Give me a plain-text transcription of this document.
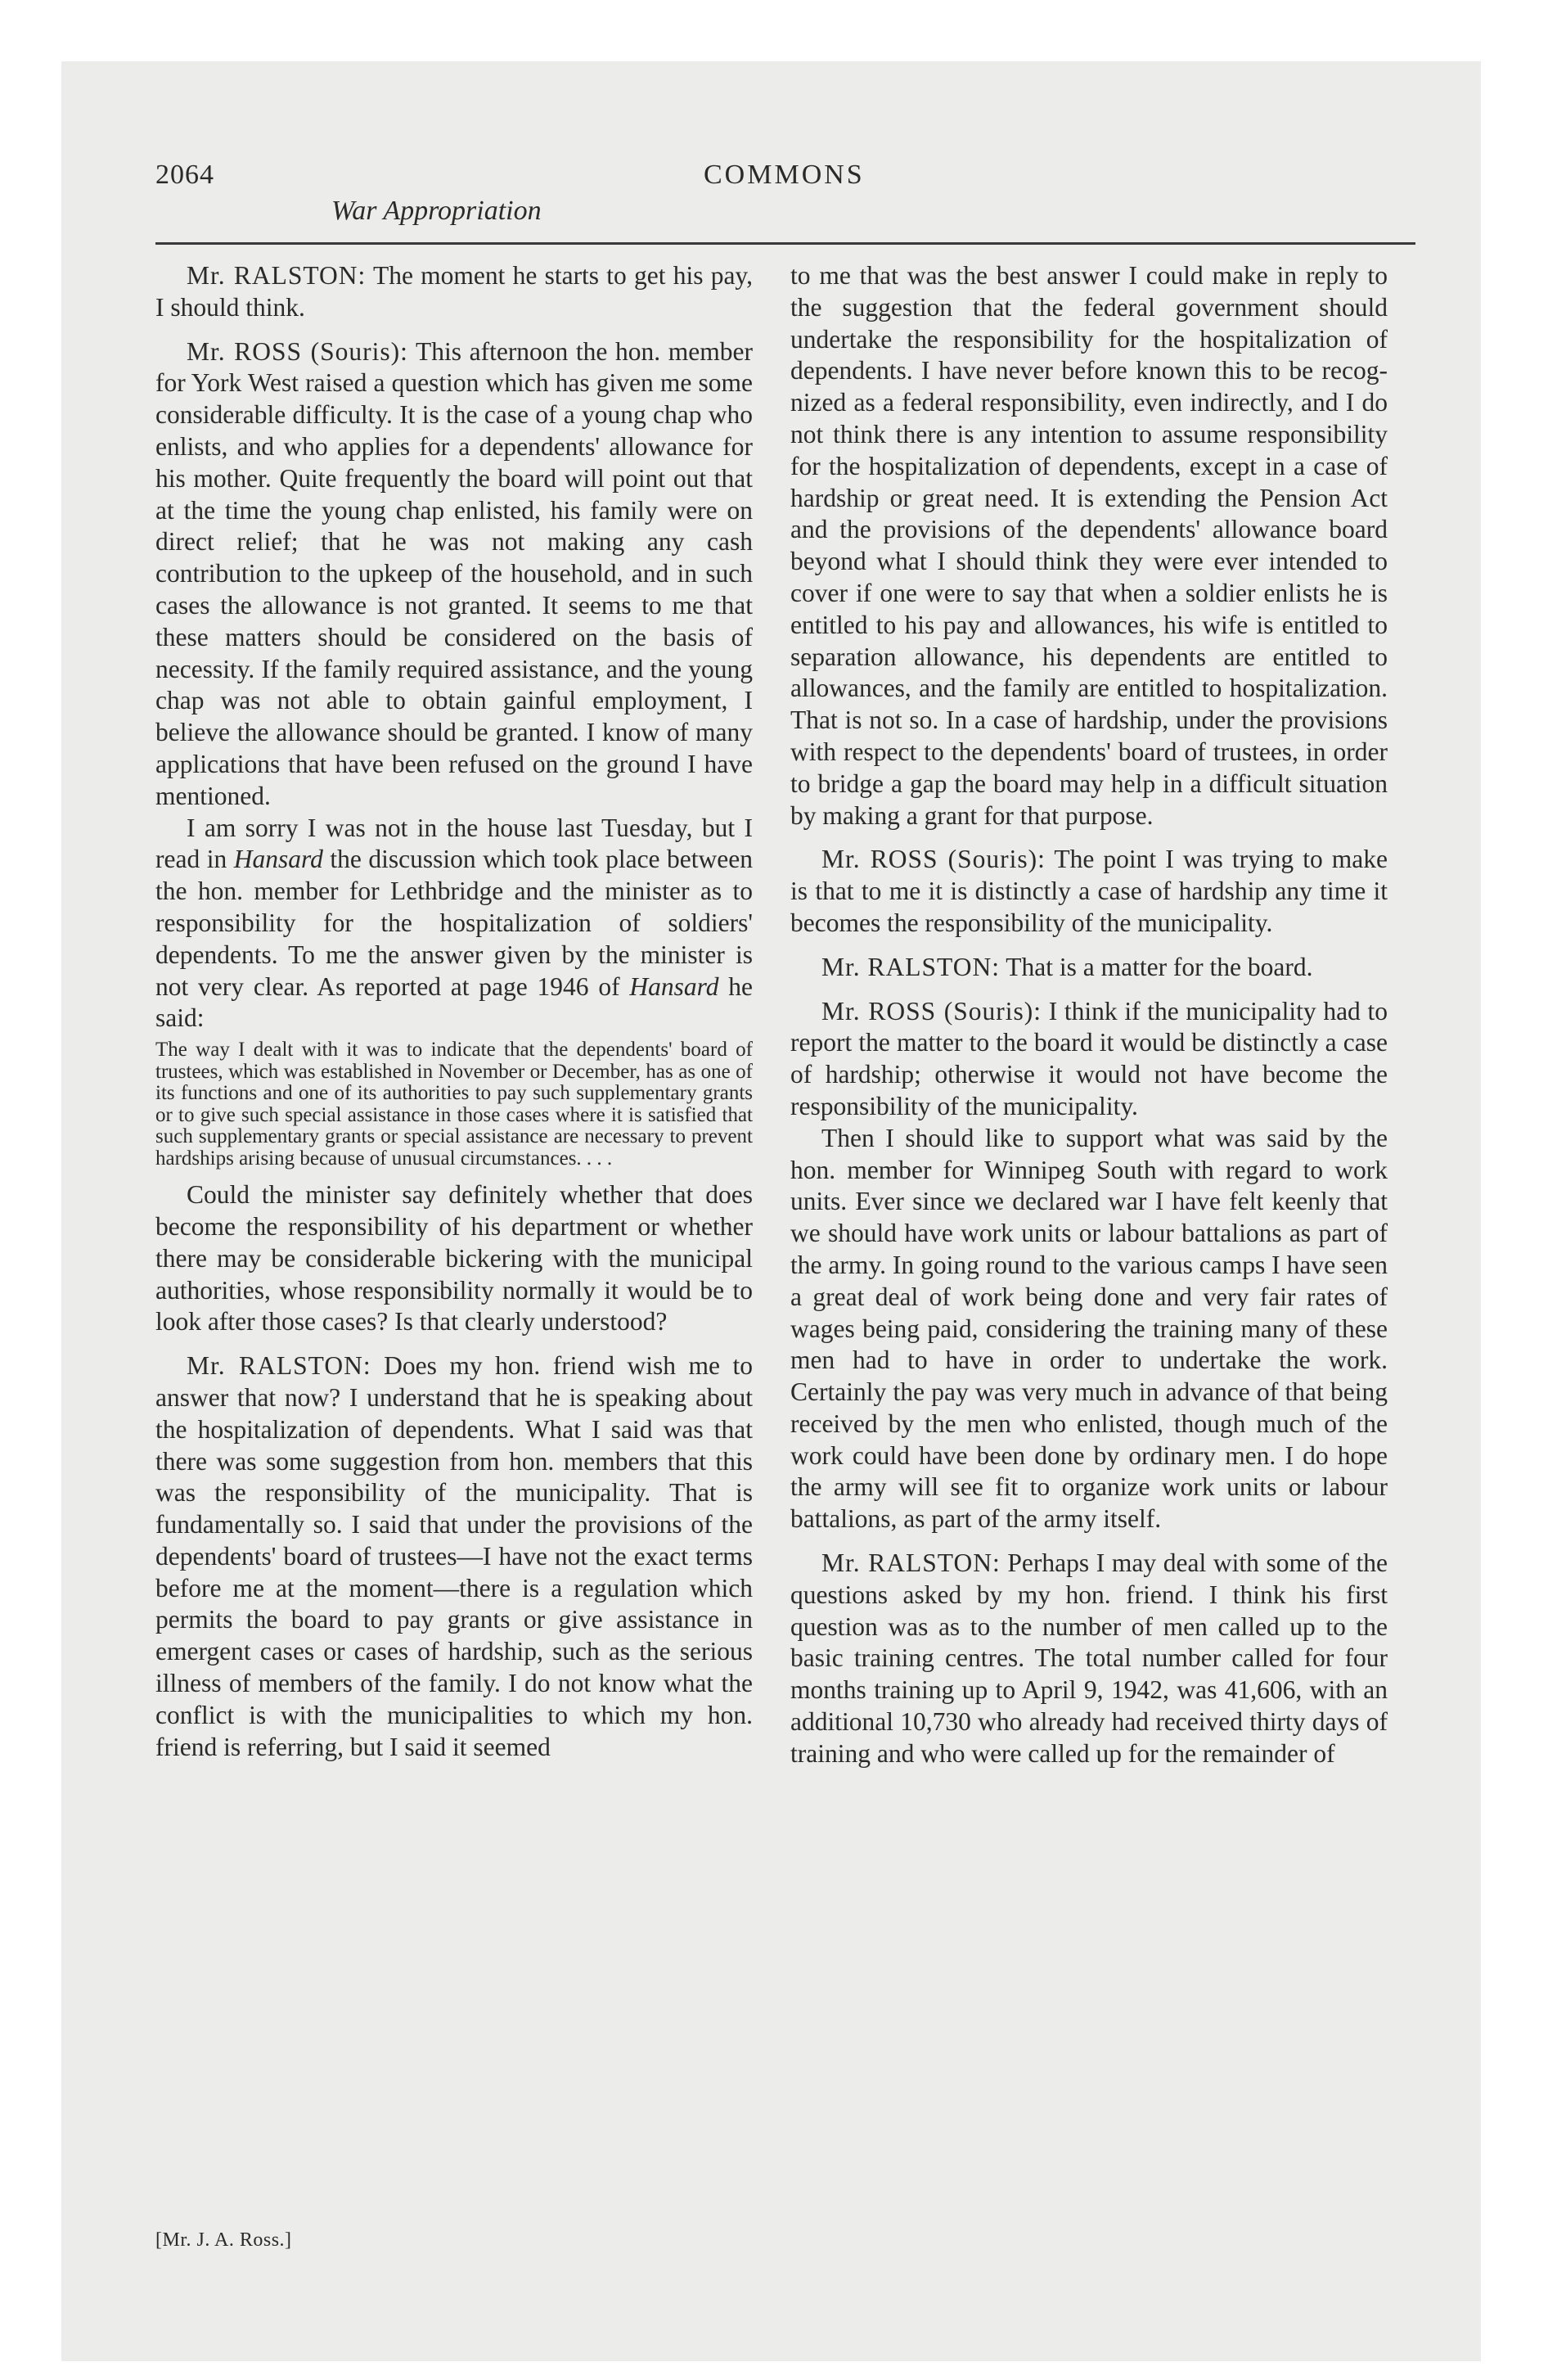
2064	COMMONS
War Appropriation

Mr. RALSTON: The moment he starts to get his pay, I should think.

Mr. ROSS (Souris): This afternoon the hon. member for York West raised a question which has given me some considerable difficulty. It is the case of a young chap who enlists, and who applies for a dependents' allowance for his mother. Quite frequently the board will point out that at the time the young chap enlisted, his family were on direct relief; that he was not making any cash contribution to the upkeep of the household, and in such cases the allowance is not granted. It seems to me that these matters should be considered on the basis of necessity. If the family required assistance, and the young chap was not able to obtain gainful employment, I believe the allowance should be granted. I know of many applications that have been refused on the ground I have mentioned.

I am sorry I was not in the house last Tuesday, but I read in Hansard the discussion which took place between the hon. member for Lethbridge and the minister as to responsibility for the hospitalization of soldiers' dependents. To me the answer given by the minister is not very clear. As reported at page 1946 of Hansard he said:

The way I dealt with it was to indicate that the dependents' board of trustees, which was established in November or December, has as one of its functions and one of its authorities to pay such supplementary grants or to give such special assistance in those cases where it is satisfied that such supplementary grants or special assistance are necessary to prevent hardships arising because of unusual circumstances. . . .

Could the minister say definitely whether that does become the responsibility of his department or whether there may be considerable bickering with the municipal authorities, whose responsibility normally it would be to look after those cases? Is that clearly understood?

Mr. RALSTON: Does my hon. friend wish me to answer that now? I understand that he is speaking about the hospitalization of dependents. What I said was that there was some suggestion from hon. members that this was the responsibility of the municipality. That is fundamentally so. I said that under the provisions of the dependents' board of trustees—I have not the exact terms before me at the moment—there is a regulation which permits the board to pay grants or give assistance in emergent cases or cases of hardship, such as the serious illness of members of the family. I do not know what the conflict is with the municipalities to which my hon. friend is referring, but I said it seemed

to me that was the best answer I could make in reply to the suggestion that the federal government should undertake the responsibility for the hospitalization of dependents. I have never before known this to be recognized as a federal responsibility, even indirectly, and I do not think there is any intention to assume responsibility for the hospitalization of dependents, except in a case of hardship or great need. It is extending the Pension Act and the provisions of the dependents' allowance board beyond what I should think they were ever intended to cover if one were to say that when a soldier enlists he is entitled to his pay and allowances, his wife is entitled to separation allowance, his dependents are entitled to allowances, and the family are entitled to hospitalization. That is not so. In a case of hardship, under the provisions with respect to the dependents' board of trustees, in order to bridge a gap the board may help in a difficult situation by making a grant for that purpose.

Mr. ROSS (Souris): The point I was trying to make is that to me it is distinctly a case of hardship any time it becomes the responsibility of the municipality.

Mr. RALSTON: That is a matter for the board.

Mr. ROSS (Souris): I think if the municipality had to report the matter to the board it would be distinctly a case of hardship; otherwise it would not have become the responsibility of the municipality.

Then I should like to support what was said by the hon. member for Winnipeg South with regard to work units. Ever since we declared war I have felt keenly that we should have work units or labour battalions as part of the army. In going round to the various camps I have seen a great deal of work being done and very fair rates of wages being paid, considering the training many of these men had to have in order to undertake the work. Certainly the pay was very much in advance of that being received by the men who enlisted, though much of the work could have been done by ordinary men. I do hope the army will see fit to organize work units or labour battalions, as part of the army itself.

Mr. RALSTON: Perhaps I may deal with some of the questions asked by my hon. friend. I think his first question was as to the number of men called up to the basic training centres. The total number called for four months training up to April 9, 1942, was 41,606, with an additional 10,730 who already had received thirty days of training and who were called up for the remainder of

[Mr. J. A. Ross.]
